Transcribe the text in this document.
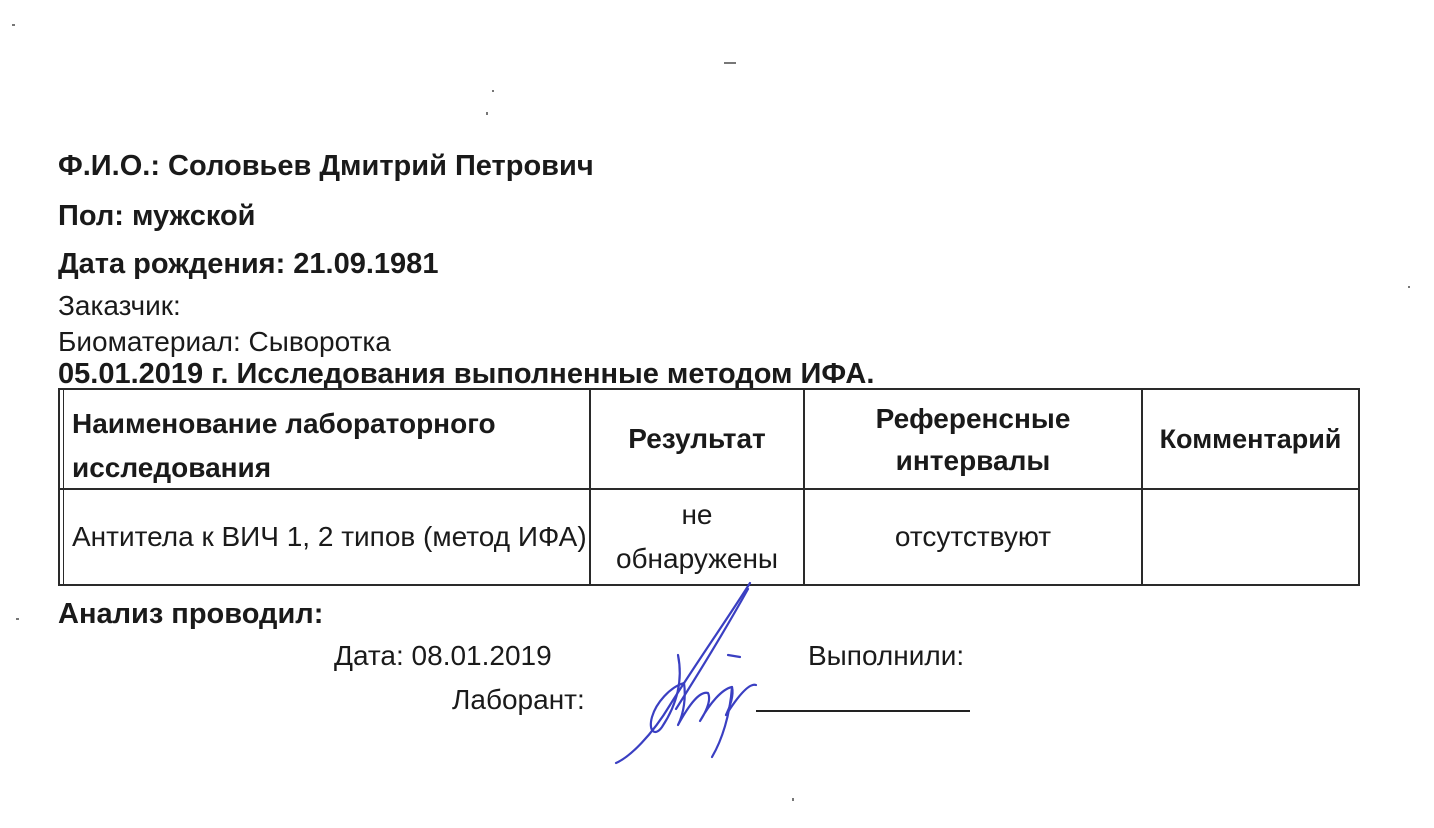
Ф.И.О.: Соловьев Дмитрий Петрович
Пол: мужской
Дата рождения: 21.09.1981
Заказчик:
Биоматериал: Сыворотка
05.01.2019 г. Исследования выполненные методом ИФА.
Наименование лабораторного исследования
Результат
Референсные интервалы
Комментарий
Антитела к ВИЧ 1, 2 типов (метод ИФА)
не обнаружены
отсутствуют
Анализ проводил:
Дата: 08.01.2019	Выполнили:
Лаборант:
